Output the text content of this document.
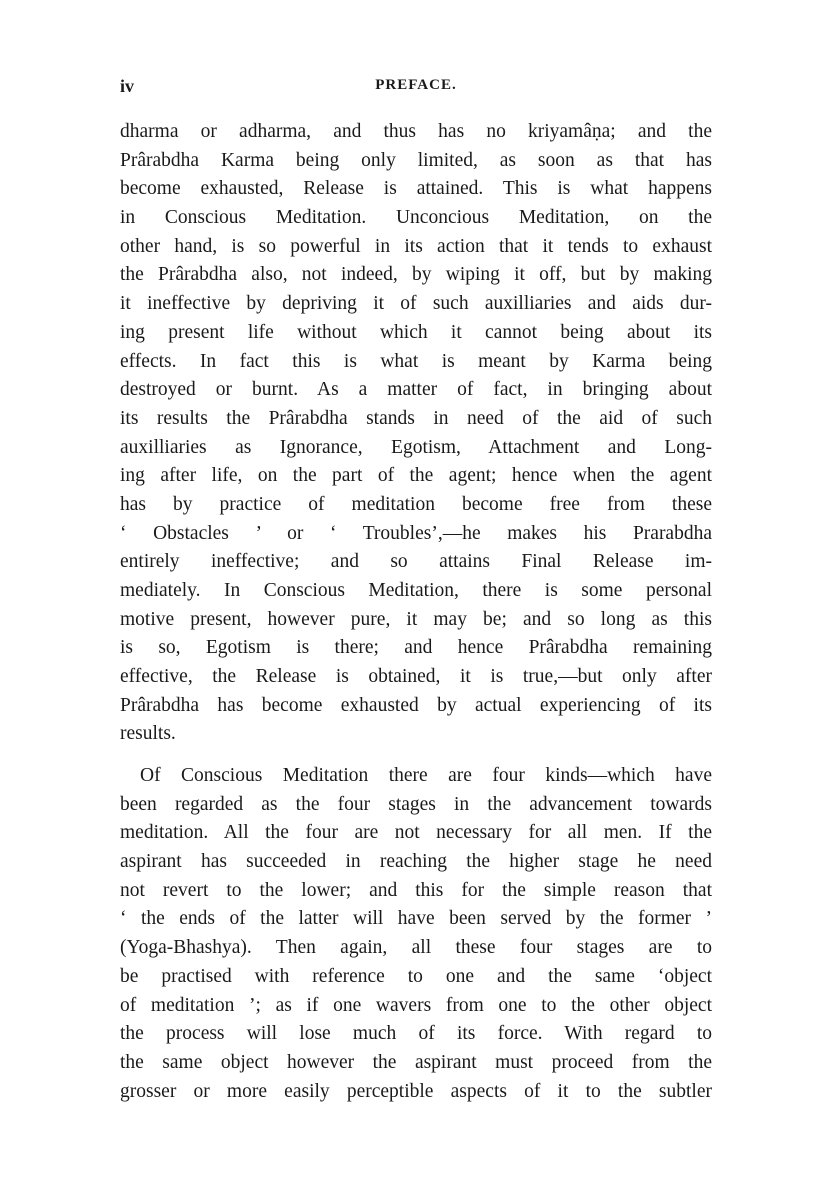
iv	PREFACE.

dharma or adharma, and thus has no kriyamâṇa; and the
Prârabdha Karma being only limited, as soon as that has
become exhausted, Release is attained. This is what happens
in Conscious Meditation. Unconcious Meditation, on the
other hand, is so powerful in its action that it tends to exhaust
the Prârabdha also, not indeed, by wiping it off, but by making
it ineffective by depriving it of such auxilliaries and aids dur-
ing present life without which it cannot being about its
effects. In fact this is what is meant by Karma being
destroyed or burnt. As a matter of fact, in bringing about
its results the Prârabdha stands in need of the aid of such
auxilliaries as Ignorance, Egotism, Attachment and Long-
ing after life, on the part of the agent; hence when the agent
has by practice of meditation become free from these
‘ Obstacles ’ or ‘ Troubles’,—he makes his Prarabdha
entirely ineffective; and so attains Final Release im-
mediately. In Conscious Meditation, there is some personal
motive present, however pure, it may be; and so long as this
is so, Egotism is there; and hence Prârabdha remaining
effective, the Release is obtained, it is true,—but only after
Prârabdha has become exhausted by actual experiencing of its
results.

Of Conscious Meditation there are four kinds—which have
been regarded as the four stages in the advancement towards
meditation. All the four are not necessary for all men. If the
aspirant has succeeded in reaching the higher stage he need
not revert to the lower; and this for the simple reason that
‘ the ends of the latter will have been served by the former ’
(Yoga-Bhashya). Then again, all these four stages are to
be practised with reference to one and the same ‘object
of meditation ’; as if one wavers from one to the other object
the process will lose much of its force. With regard to
the same object however the aspirant must proceed from the
grosser or more easily perceptible aspects of it to the subtler
